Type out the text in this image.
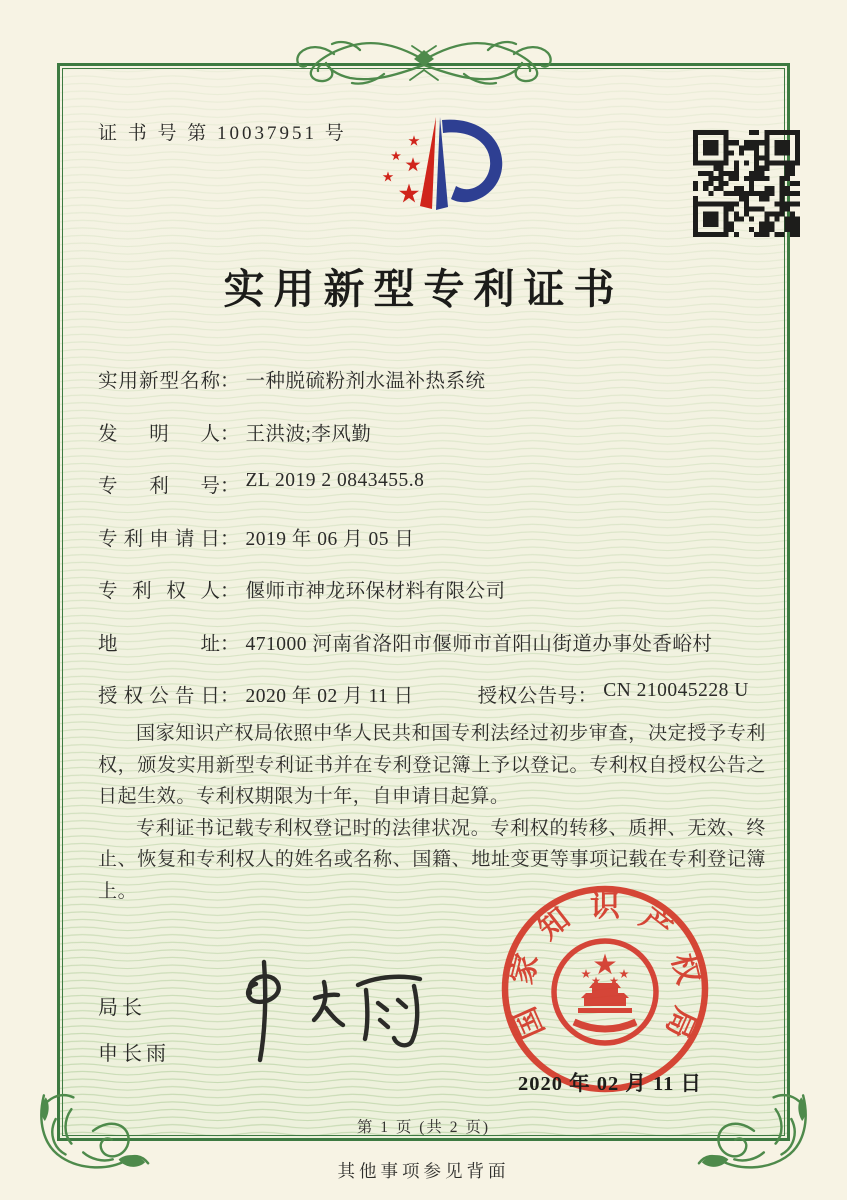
证 书 号 第 10037951 号
实用新型专利证书
实用新型名称： 一种脱硫粉剂水温补热系统
发明人： 王洪波;李风勤
专利号： ZL 2019 2 0843455.8
专利申请日： 2019 年 06 月 05 日
专利权人： 偃师市神龙环保材料有限公司
地址： 471000 河南省洛阳市偃师市首阳山街道办事处香峪村
授权公告日： 2020 年 02 月 11 日	授权公告号： CN 210045228 U

国家知识产权局依照中华人民共和国专利法经过初步审查，决定授予专利权，颁发实用新型专利证书并在专利登记簿上予以登记。专利权自授权公告之日起生效。专利权期限为十年，自申请日起算。

专利证书记载专利权登记时的法律状况。专利权的转移、质押、无效、终止、恢复和专利权人的姓名或名称、国籍、地址变更等事项记载在专利登记簿上。

局长
申长雨
国
家
知 识 产
权
局
2020 年 02 月 11 日
第 1 页 (共 2 页)
其他事项参见背面
